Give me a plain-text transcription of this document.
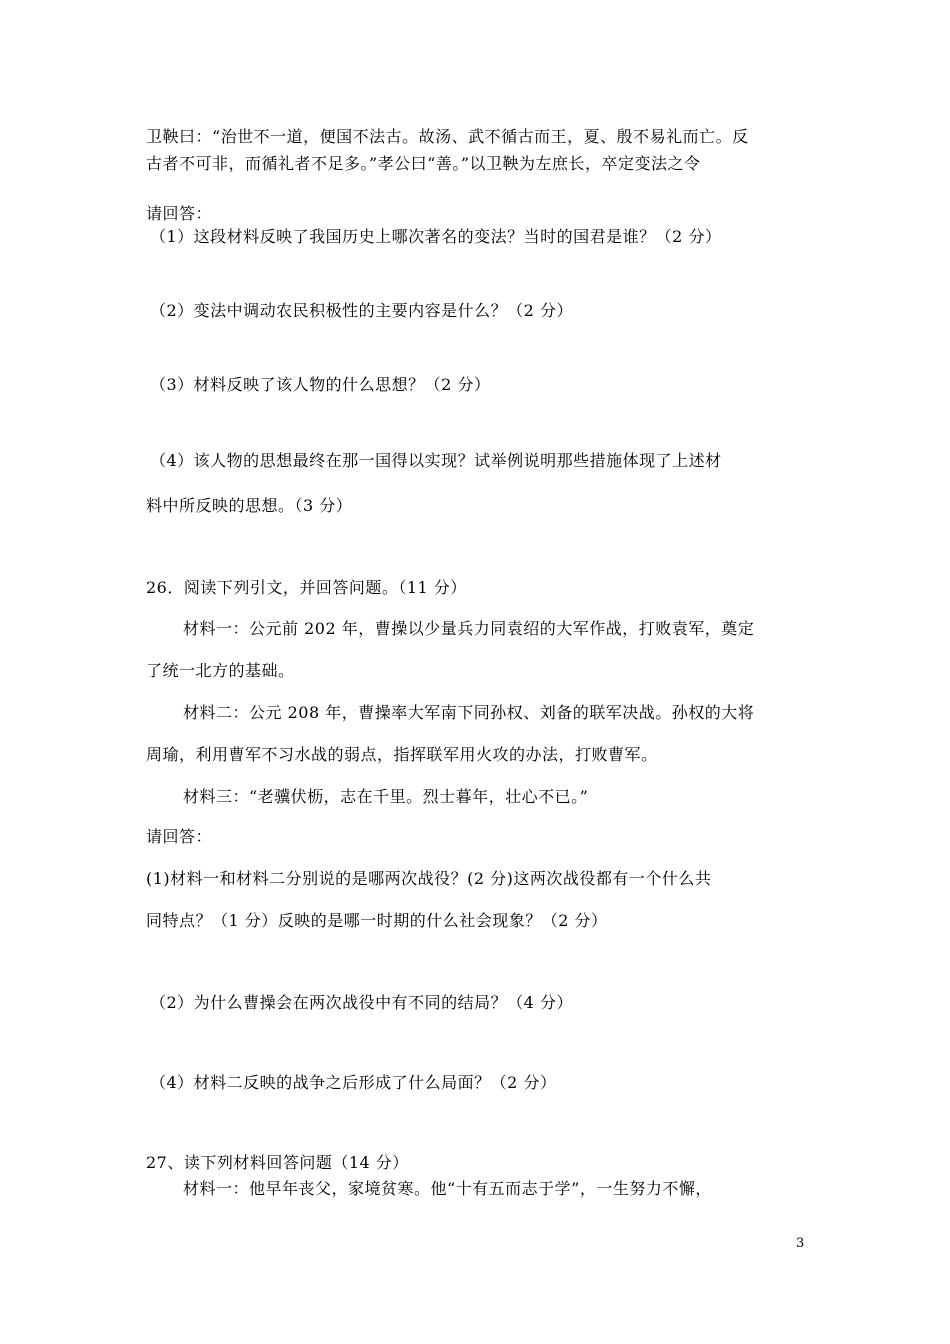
卫鞅曰：“治世不一道，便国不法古。故汤、武不循古而王，夏、殷不易礼而亡。反
古者不可非，而循礼者不足多。”孝公曰“善。”以卫鞅为左庶长，卒定变法之令
请回答：
（1）这段材料反映了我国历史上哪次著名的变法？当时的国君是谁？（2 分）
（2）变法中调动农民积极性的主要内容是什么？（2 分）
（3）材料反映了该人物的什么思想？（2 分）
（4）该人物的思想最终在那一国得以实现？试举例说明那些措施体现了上述材
料中所反映的思想。（3 分）
26．阅读下列引文，并回答问题。（11 分）
材料一：公元前 202 年，曹操以少量兵力同袁绍的大军作战，打败袁军，奠定
了统一北方的基础。
材料二：公元 208 年，曹操率大军南下同孙权、刘备的联军决战。孙权的大将
周瑜，利用曹军不习水战的弱点，指挥联军用火攻的办法，打败曹军。
材料三：“老骥伏枥，志在千里。烈士暮年，壮心不已。”
请回答：
(1)材料一和材料二分别说的是哪两次战役？(2 分)这两次战役都有一个什么共
同特点？（1 分）反映的是哪一时期的什么社会现象？（2 分）
（2）为什么曹操会在两次战役中有不同的结局？（4 分）
（4）材料二反映的战争之后形成了什么局面？（2 分）
27、读下列材料回答问题（14 分）
材料一：他早年丧父，家境贫寒。他“十有五而志于学”，一生努力不懈，
3
